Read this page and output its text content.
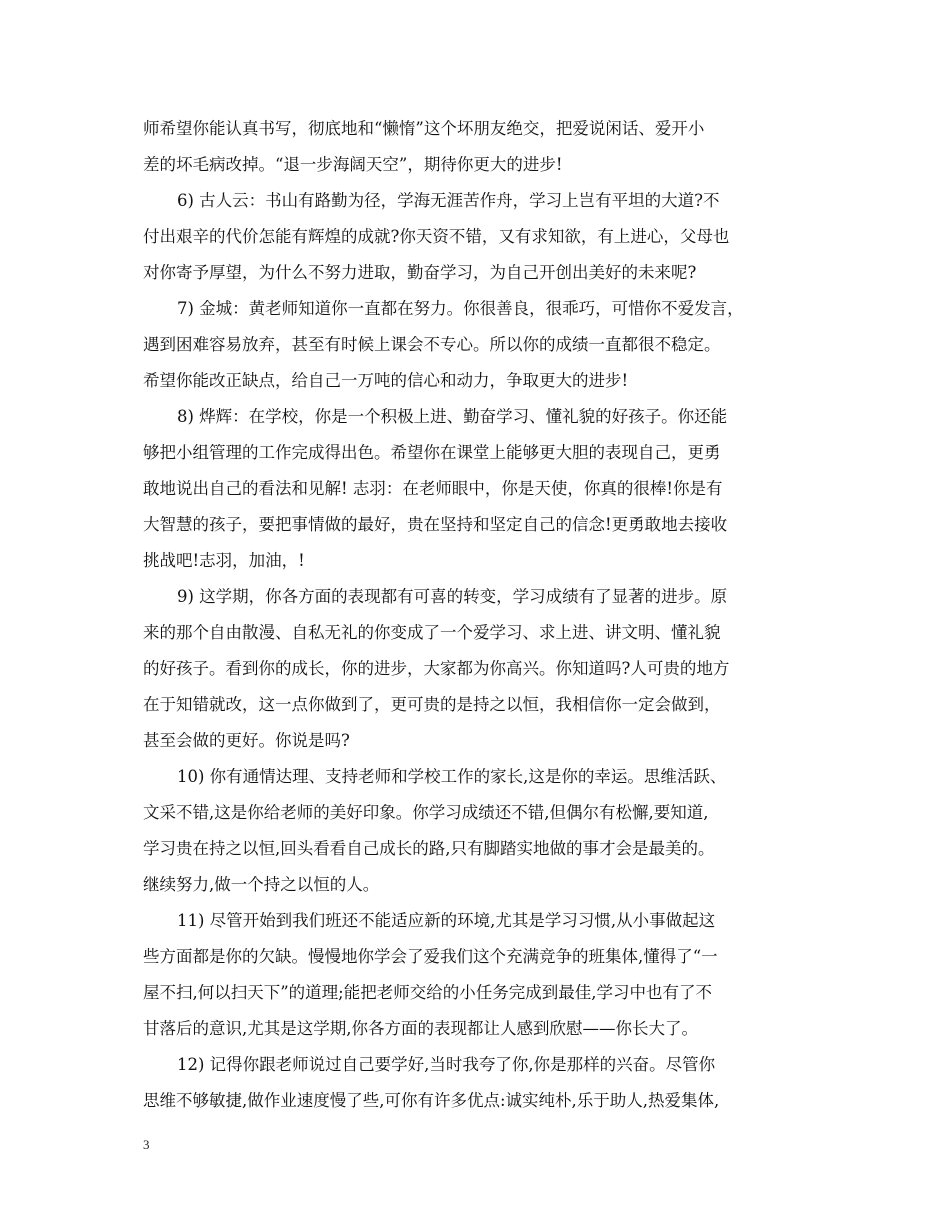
师希望你能认真书写，彻底地和“懒惰”这个坏朋友绝交，把爱说闲话、爱开小
差的坏毛病改掉。“退一步海阔天空”，期待你更大的进步!
6) 古人云：书山有路勤为径，学海无涯苦作舟，学习上岂有平坦的大道?不
付出艰辛的代价怎能有辉煌的成就?你天资不错，又有求知欲，有上进心，父母也
对你寄予厚望，为什么不努力进取，勤奋学习，为自己开创出美好的未来呢?
7) 金城：黄老师知道你一直都在努力。你很善良，很乖巧，可惜你不爱发言，
遇到困难容易放弃，甚至有时候上课会不专心。所以你的成绩一直都很不稳定。
希望你能改正缺点，给自己一万吨的信心和动力，争取更大的进步!
8) 烨辉：在学校，你是一个积极上进、勤奋学习、懂礼貌的好孩子。你还能
够把小组管理的工作完成得出色。希望你在课堂上能够更大胆的表现自己，更勇
敢地说出自己的看法和见解! 志羽：在老师眼中，你是天使，你真的很棒!你是有
大智慧的孩子，要把事情做的最好，贵在坚持和坚定自己的信念!更勇敢地去接收
挑战吧!志羽，加油，!
9) 这学期，你各方面的表现都有可喜的转变，学习成绩有了显著的进步。原
来的那个自由散漫、自私无礼的你变成了一个爱学习、求上进、讲文明、懂礼貌
的好孩子。看到你的成长，你的进步，大家都为你高兴。你知道吗?人可贵的地方
在于知错就改，这一点你做到了，更可贵的是持之以恒，我相信你一定会做到，
甚至会做的更好。你说是吗?
10) 你有通情达理、支持老师和学校工作的家长,这是你的幸运。思维活跃、
文采不错,这是你给老师的美好印象。你学习成绩还不错,但偶尔有松懈,要知道,
学习贵在持之以恒,回头看看自己成长的路,只有脚踏实地做的事才会是最美的。
继续努力,做一个持之以恒的人。
11) 尽管开始到我们班还不能适应新的环境,尤其是学习习惯,从小事做起这
些方面都是你的欠缺。慢慢地你学会了爱我们这个充满竞争的班集体,懂得了“一
屋不扫,何以扫天下”的道理;能把老师交给的小任务完成到最佳,学习中也有了不
甘落后的意识,尤其是这学期,你各方面的表现都让人感到欣慰——你长大了。
12) 记得你跟老师说过自己要学好,当时我夸了你,你是那样的兴奋。尽管你
思维不够敏捷,做作业速度慢了些,可你有许多优点:诚实纯朴,乐于助人,热爱集体,
3
